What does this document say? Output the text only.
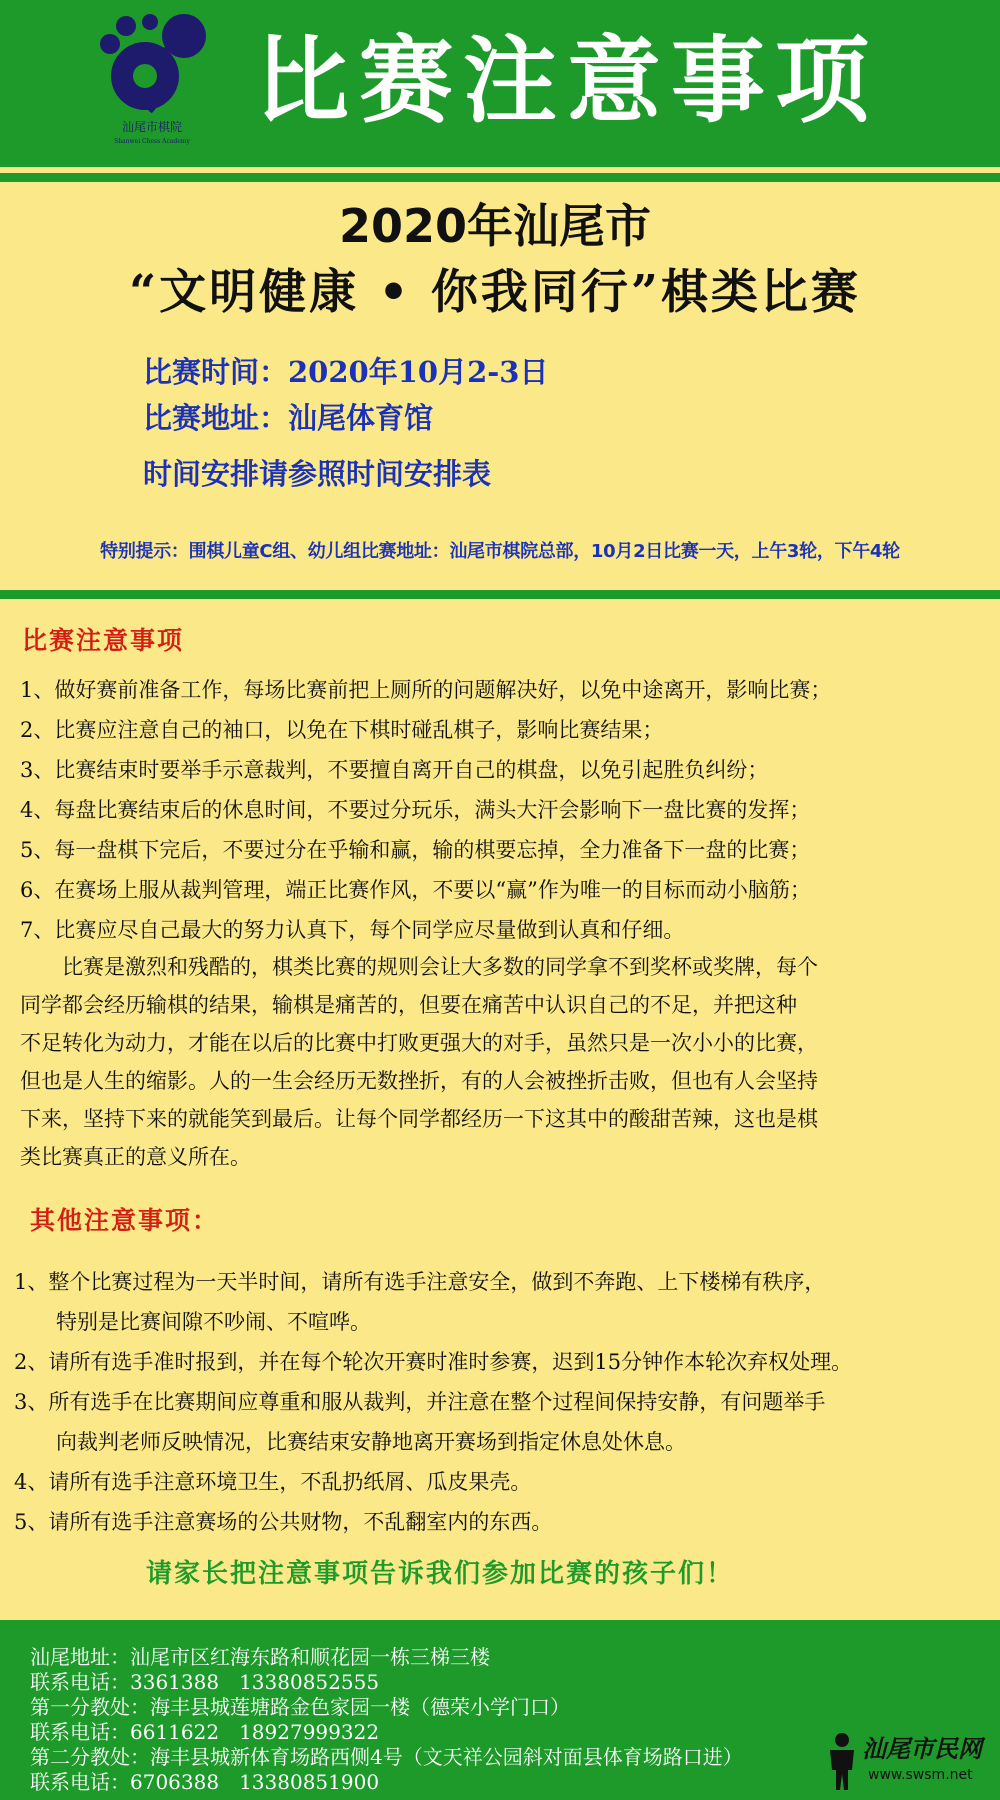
汕尾市棋院
Shanwei Chess Academy
比赛注意事项
2020年汕尾市
“文明健康 • 你我同行”棋类比赛
比赛时间：2020年10月2-3日
比赛地址：汕尾体育馆
时间安排请参照时间安排表
特别提示：围棋儿童C组、幼儿组比赛地址：汕尾市棋院总部，10月2日比赛一天，上午3轮，下午4轮
比赛注意事项
1、做好赛前准备工作，每场比赛前把上厕所的问题解决好，以免中途离开，影响比赛；
2、比赛应注意自己的袖口，以免在下棋时碰乱棋子，影响比赛结果；
3、比赛结束时要举手示意裁判，不要擅自离开自己的棋盘，以免引起胜负纠纷；
4、每盘比赛结束后的休息时间，不要过分玩乐，满头大汗会影响下一盘比赛的发挥；
5、每一盘棋下完后，不要过分在乎输和赢，输的棋要忘掉，全力准备下一盘的比赛；
6、在赛场上服从裁判管理，端正比赛作风，不要以“赢”作为唯一的目标而动小脑筋；
7、比赛应尽自己最大的努力认真下，每个同学应尽量做到认真和仔细。
　　比赛是激烈和残酷的，棋类比赛的规则会让大多数的同学拿不到奖杯或奖牌，每个
同学都会经历输棋的结果，输棋是痛苦的，但要在痛苦中认识自己的不足，并把这种
不足转化为动力，才能在以后的比赛中打败更强大的对手，虽然只是一次小小的比赛，
但也是人生的缩影。人的一生会经历无数挫折，有的人会被挫折击败，但也有人会坚持
下来，坚持下来的就能笑到最后。让每个同学都经历一下这其中的酸甜苦辣，这也是棋
类比赛真正的意义所在。
其他注意事项：
1、整个比赛过程为一天半时间，请所有选手注意安全，做到不奔跑、上下楼梯有秩序，
特别是比赛间隙不吵闹、不喧哗。
2、请所有选手准时报到，并在每个轮次开赛时准时参赛，迟到15分钟作本轮次弃权处理。
3、所有选手在比赛期间应尊重和服从裁判，并注意在整个过程间保持安静，有问题举手
向裁判老师反映情况，比赛结束安静地离开赛场到指定休息处休息。
4、请所有选手注意环境卫生，不乱扔纸屑、瓜皮果壳。
5、请所有选手注意赛场的公共财物，不乱翻室内的东西。
请家长把注意事项告诉我们参加比赛的孩子们！
汕尾地址：汕尾市区红海东路和顺花园一栋三梯三楼
联系电话：3361388　13380852555
第一分教处：海丰县城莲塘路金色家园一楼（德荣小学门口）
联系电话：6611622　18927999322
第二分教处：海丰县城新体育场路西侧4号（文天祥公园斜对面县体育场路口进）
联系电话：6706388　13380851900
汕尾市民网
www.swsm.net
